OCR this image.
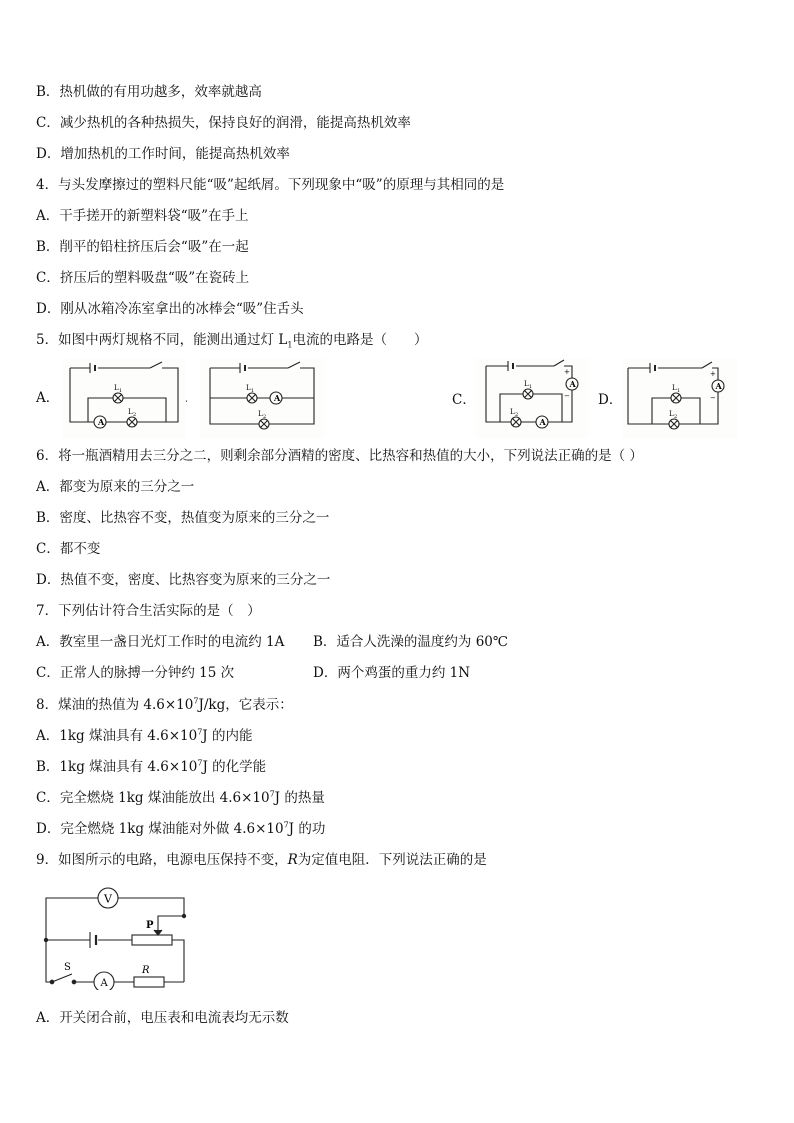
B．热机做的有用功越多，效率就越高
C．减少热机的各种热损失，保持良好的润滑，能提高热机效率
D．增加热机的工作时间，能提高热机效率
4．与头发摩擦过的塑料尺能“吸”起纸屑。下列现象中“吸”的原理与其相同的是
A．干手搓开的新塑料袋“吸”在手上
B．削平的铅柱挤压后会“吸”在一起
C．挤压后的塑料吸盘“吸”在瓷砖上
D．刚从冰箱冷冻室拿出的冰棒会“吸”住舌头
5．如图中两灯规格不同，能测出通过灯 $L_1$电流的电路是（　　）
A．	B．	C．	D．
A
L 1
L 2
A
L 1
L 2
A
A
+
−
L 1
L 2
A
+
−
L 1
L 2
6．将一瓶酒精用去三分之二，则剩余部分酒精的密度、比热容和热值的大小，下列说法正确的是（ ）
A．都变为原来的三分之一
B．密度、比热容不变，热值变为原来的三分之一
C．都不变
D．热值不变，密度、比热容变为原来的三分之一
7．下列估计符合生活实际的是（　）
A．教室里一盏日光灯工作时的电流约 1A B．适合人洗澡的温度约为 60℃
C．正常人的脉搏一分钟约 15 次	D．两个鸡蛋的重力约 1N
8．煤油的热值为 $4.6\times 10^7J/kg$，它表示：
A．1kg 煤油具有 $4.6\times 10^7J$ 的内能
B．1kg 煤油具有 $4.6\times 10^7J$ 的化学能
C．完全燃烧 1kg 煤油能放出 $4.6\times 10^7J$ 的热量
D．完全燃烧 1kg 煤油能对外做 $4.6\times 10^7J$ 的功
9．如图所示的电路，电源电压保持不变，R为定值电阻．下列说法正确的是
V
A
P
S	R
A．开关闭合前，电压表和电流表均无示数
